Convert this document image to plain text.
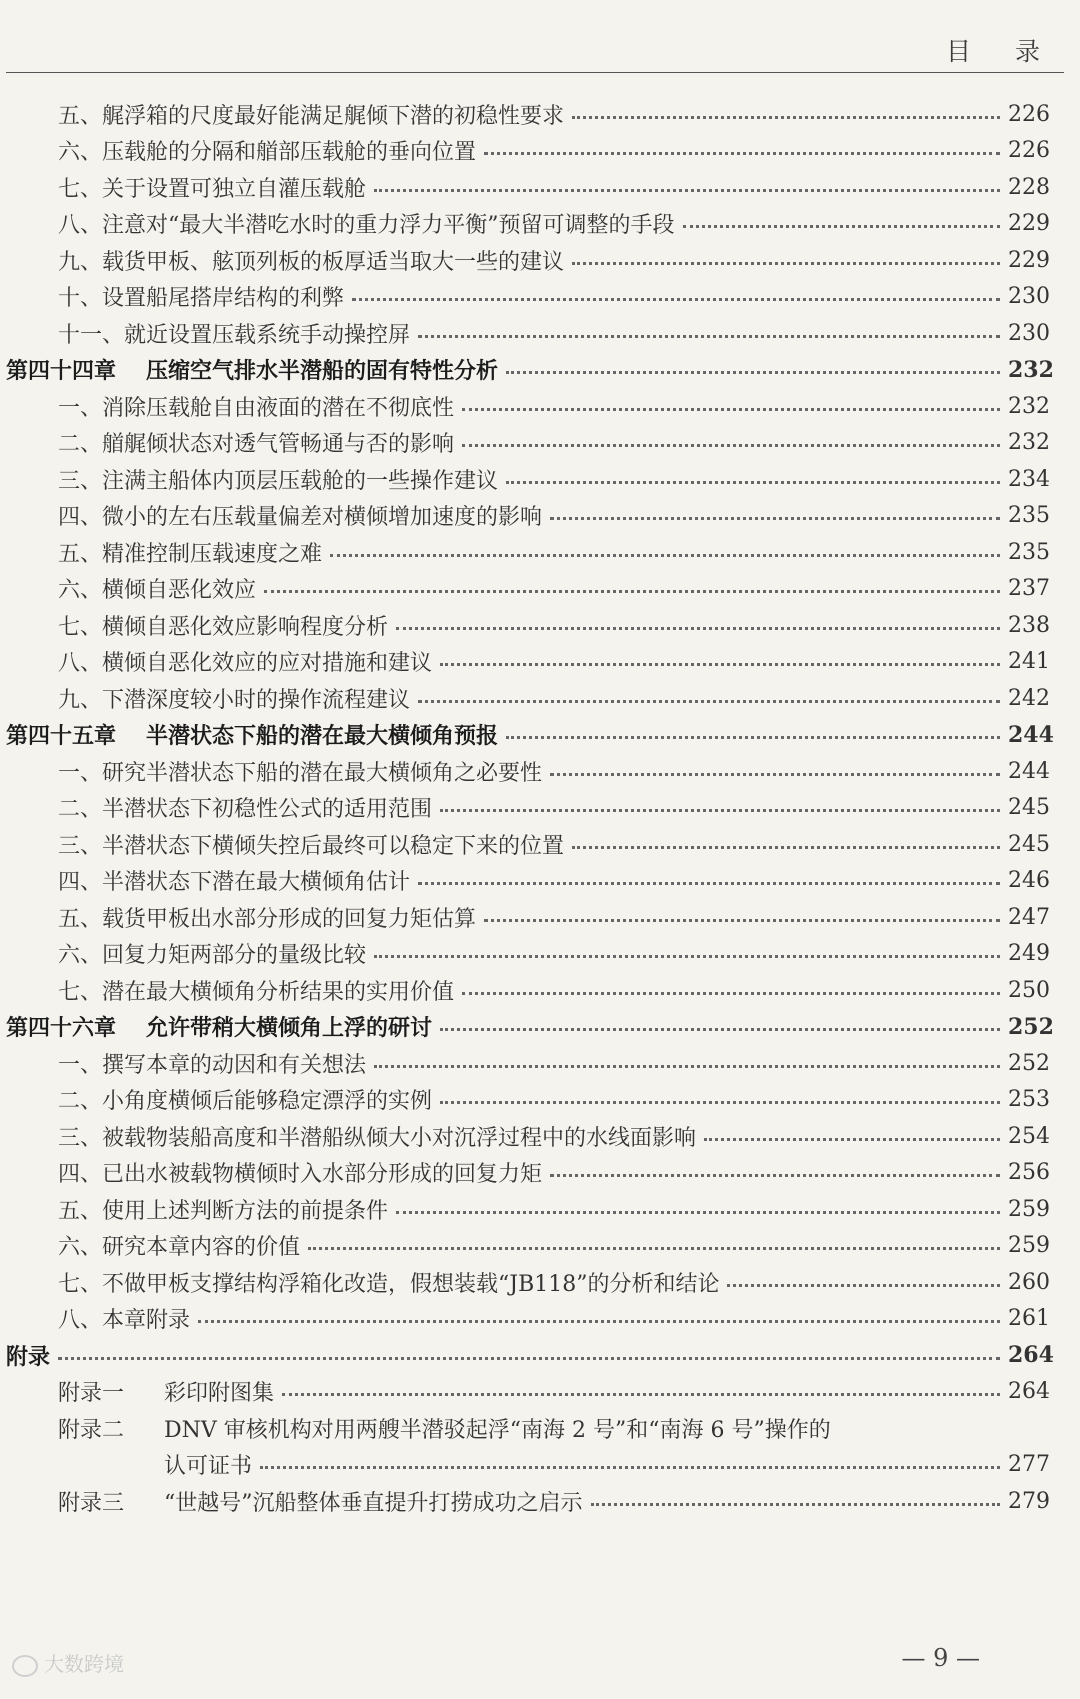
目 录
五、艉浮箱的尺度最好能满足艉倾下潜的初稳性要求	226
六、压载舱的分隔和艏部压载舱的垂向位置	226
七、关于设置可独立自灌压载舱	228
八、注意对“最大半潜吃水时的重力浮力平衡”预留可调整的手段	229
九、载货甲板、舷顶列板的板厚适当取大一些的建议	229
十、设置船尾搭岸结构的利弊	230
十一、就近设置压载系统手动操控屏	230
第四十四章 压缩空气排水半潜船的固有特性分析	232
一、消除压载舱自由液面的潜在不彻底性	232
二、艏艉倾状态对透气管畅通与否的影响	232
三、注满主船体内顶层压载舱的一些操作建议	234
四、微小的左右压载量偏差对横倾增加速度的影响	235
五、精准控制压载速度之难	235
六、横倾自恶化效应	237
七、横倾自恶化效应影响程度分析	238
八、横倾自恶化效应的应对措施和建议	241
九、下潜深度较小时的操作流程建议	242
第四十五章 半潜状态下船的潜在最大横倾角预报	244
一、研究半潜状态下船的潜在最大横倾角之必要性	244
二、半潜状态下初稳性公式的适用范围	245
三、半潜状态下横倾失控后最终可以稳定下来的位置	245
四、半潜状态下潜在最大横倾角估计	246
五、载货甲板出水部分形成的回复力矩估算	247
六、回复力矩两部分的量级比较	249
七、潜在最大横倾角分析结果的实用价值	250
第四十六章 允许带稍大横倾角上浮的研讨	252
一、撰写本章的动因和有关想法	252
二、小角度横倾后能够稳定漂浮的实例	253
三、被载物装船高度和半潜船纵倾大小对沉浮过程中的水线面影响	254
四、已出水被载物横倾时入水部分形成的回复力矩	256
五、使用上述判断方法的前提条件	259
六、研究本章内容的价值	259
七、不做甲板支撑结构浮箱化改造，假想装载“JB118”的分析和结论	260
八、本章附录	261
附录	264
附录一 彩印附图集	264
附录二 DNV 审核机构对用两艘半潜驳起浮“南海 2 号”和“南海 6 号”操作的
认可证书	277
附录三 “世越号”沉船整体垂直提升打捞成功之启示	279
— 9 —
大数跨境
